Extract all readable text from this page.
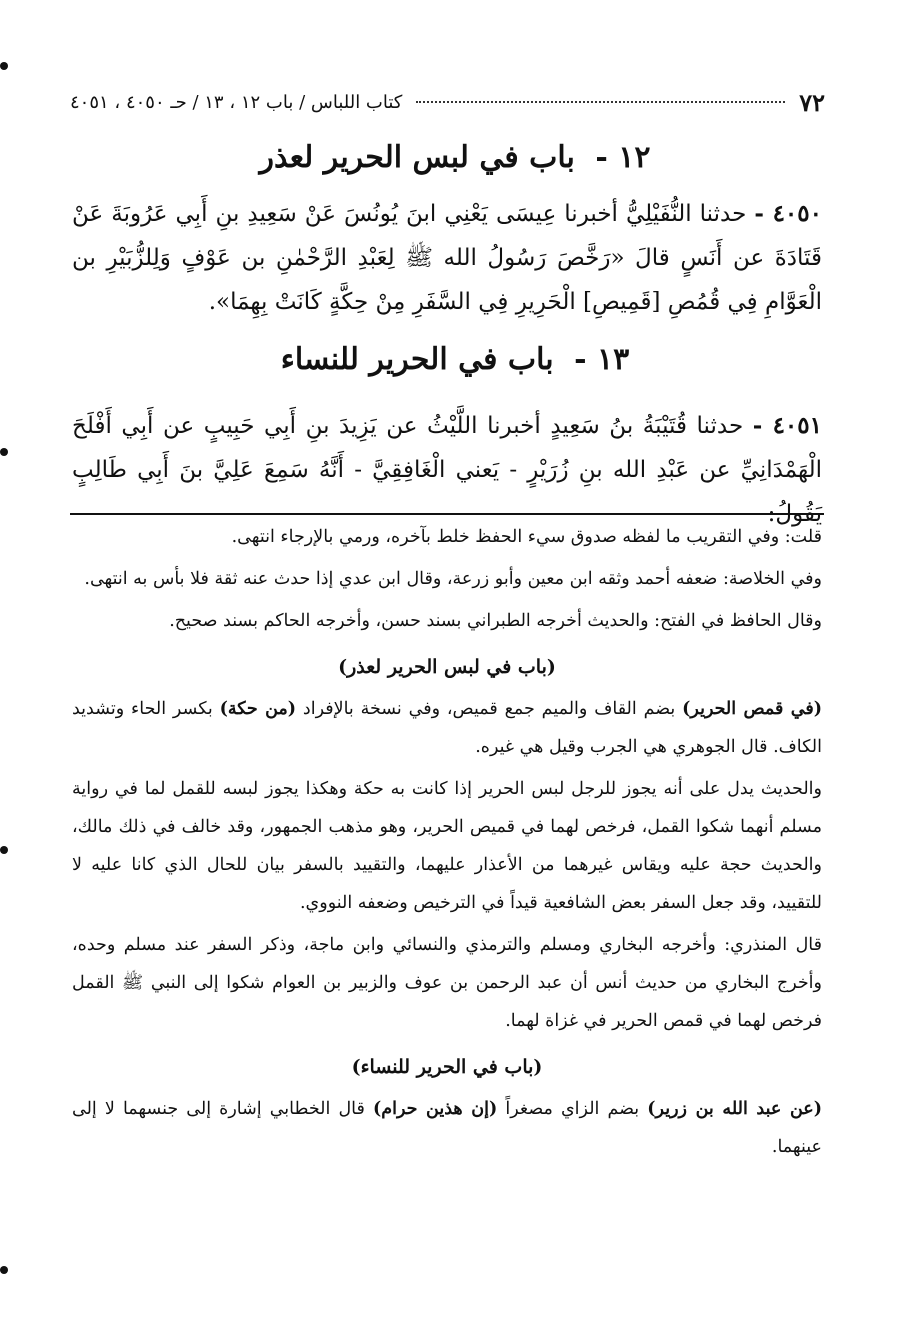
كتاب اللباس / باب ١٢ ، ١٣ / حـ ٤٠٥٠ ، ٤٠٥١	٧٢
١٢ - باب في لبس الحرير لعذر
٤٠٥٠ - حدثنا النُّفَيْلِيُّ أخبرنا عِيسَى يَعْنِي ابنَ يُونُسَ عَنْ سَعِيدِ بنِ أَبِي عَرُوبَةَ عَنْ قَتَادَةَ عن أَنَسٍ قالَ «رَخَّصَ رَسُولُ الله ﷺ لِعَبْدِ الرَّحْمٰنِ بن عَوْفٍ وَلِلزُّبَيْرِ بن الْعَوَّامِ فِي قُمُصِ [قَمِيصِ] الْحَرِيرِ فِي السَّفَرِ مِنْ حِكَّةٍ كَانَتْ بِهِمَا».
١٣ - باب في الحرير للنساء
٤٠٥١ - حدثنا قُتَيْبَةُ بنُ سَعِيدٍ أخبرنا اللَّيْثُ عن يَزِيدَ بنِ أَبِي حَبِيبٍ عن أَبِي أَفْلَحَ الْهَمْدَانِيِّ عن عَبْدِ الله بنِ زُرَيْرٍ - يَعني الْغَافِقِيَّ - أَنَّهُ سَمِعَ عَلِيَّ بنَ أَبِي طَالِبٍ يَقُولُ:

قلت: وفي التقريب ما لفظه صدوق سيء الحفظ خلط بآخره، ورمي بالإرجاء انتهى.

وفي الخلاصة: ضعفه أحمد وثقه ابن معين وأبو زرعة، وقال ابن عدي إذا حدث عنه ثقة فلا بأس به انتهى.

وقال الحافظ في الفتح: والحديث أخرجه الطبراني بسند حسن، وأخرجه الحاكم بسند صحيح.

(باب في لبس الحرير لعذر)

(في قمص الحرير) بضم القاف والميم جمع قميص، وفي نسخة بالإفراد (من حكة) بكسر الحاء وتشديد الكاف. قال الجوهري هي الجرب وقيل هي غيره.

والحديث يدل على أنه يجوز للرجل لبس الحرير إذا كانت به حكة وهكذا يجوز لبسه للقمل لما في رواية مسلم أنهما شكوا القمل، فرخص لهما في قميص الحرير، وهو مذهب الجمهور، وقد خالف في ذلك مالك، والحديث حجة عليه ويقاس غيرهما من الأعذار عليهما، والتقييد بالسفر بيان للحال الذي كانا عليه لا للتقييد، وقد جعل السفر بعض الشافعية قيداً في الترخيص وضعفه النووي.

قال المنذري: وأخرجه البخاري ومسلم والترمذي والنسائي وابن ماجة، وذكر السفر عند مسلم وحده، وأخرج البخاري من حديث أنس أن عبد الرحمن بن عوف والزبير بن العوام شكوا إلى النبي ﷺ القمل فرخص لهما في قمص الحرير في غزاة لهما.

(باب في الحرير للنساء)

(عن عبد الله بن زرير) بضم الزاي مصغراً (إن هذين حرام) قال الخطابي إشارة إلى جنسهما لا إلى عينهما.
